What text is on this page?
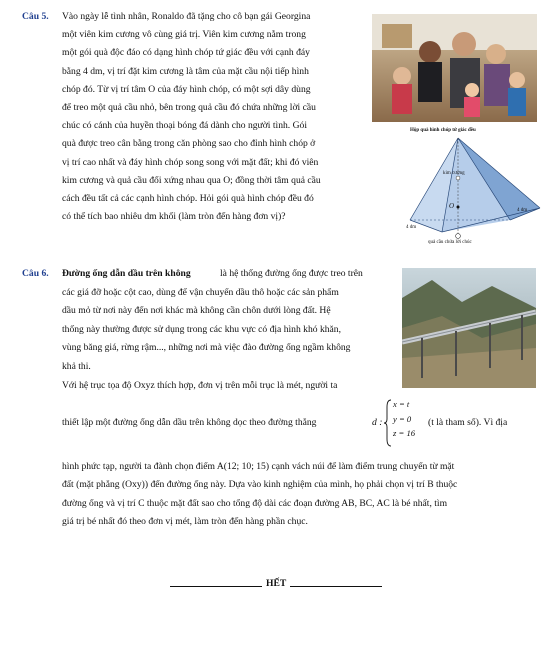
Câu 5. Vào ngày lễ tình nhân, Ronaldo đã tặng cho cô bạn gái Georgina
một viên kim cương vô cùng giá trị. Viên kim cương nằm trong
một gói quà độc đáo có dạng hình chóp tứ giác đều với cạnh đáy
bằng 4 dm, vị trí đặt kim cương là tâm của mặt cầu nội tiếp hình
chóp đó. Từ vị trí tâm O của đáy hình chóp, có một sợi dây dùng
để treo một quả cầu nhỏ, bên trong quả cầu đó chứa những lời cầu
chúc có cánh của huyền thoại bóng đá dành cho người tình. Gói
quà được treo cân bằng trong căn phòng sao cho đỉnh hình chóp ở
vị trí cao nhất và đáy hình chóp song song với mặt đất; khi đó viên
kim cương và quả cầu đối xứng nhau qua O; đồng thời tâm quả cầu
cách đều tất cả các cạnh hình chóp. Hỏi gói quà hình chóp đều đó
có thể tích bao nhiêu dm khối (làm tròn đến hàng đơn vị)?
Hộp quà hình chóp tứ giác đều
kim cương
O
4 dm
4 dm
quả cầu chứa lời chúc
Câu 6.	là hệ thống đường ống được treo trên
các giá đỡ hoặc cột cao, dùng để vận chuyển dầu thô hoặc các sản phẩm
dầu mỏ từ nơi này đến nơi khác mà không cần chôn dưới lòng đất. Hệ
thống này thường được sử dụng trong các khu vực có địa hình khó khăn,
vùng băng giá, rừng rậm..., những nơi mà việc đào đường ống ngầm không
khả thi.
Với hệ trục tọa độ Oxyz thích hợp, đơn vị trên mỗi trục là mét, người ta
thiết lập một đường ống dẫn dầu trên không dọc theo đường thẳng	d :
x = t
y = 0
z = 16
(t là tham số). Vì địa
hình phức tạp, người ta đành chọn điểm A(12; 10; 15) cạnh vách núi để làm điểm trung chuyển từ mặt
đất (mặt phẳng (Oxy)) đến đường ống này. Dựa vào kinh nghiệm của mình, họ phải chọn vị trí B thuộc
đường ống và vị trí C thuộc mặt đất sao cho tổng độ dài các đoạn đường AB, BC, AC là bé nhất, tìm
giá trị bé nhất đó theo đơn vị mét, làm tròn đến hàng phần chục.
HẾT
Đường ống dẫn dầu trên không
